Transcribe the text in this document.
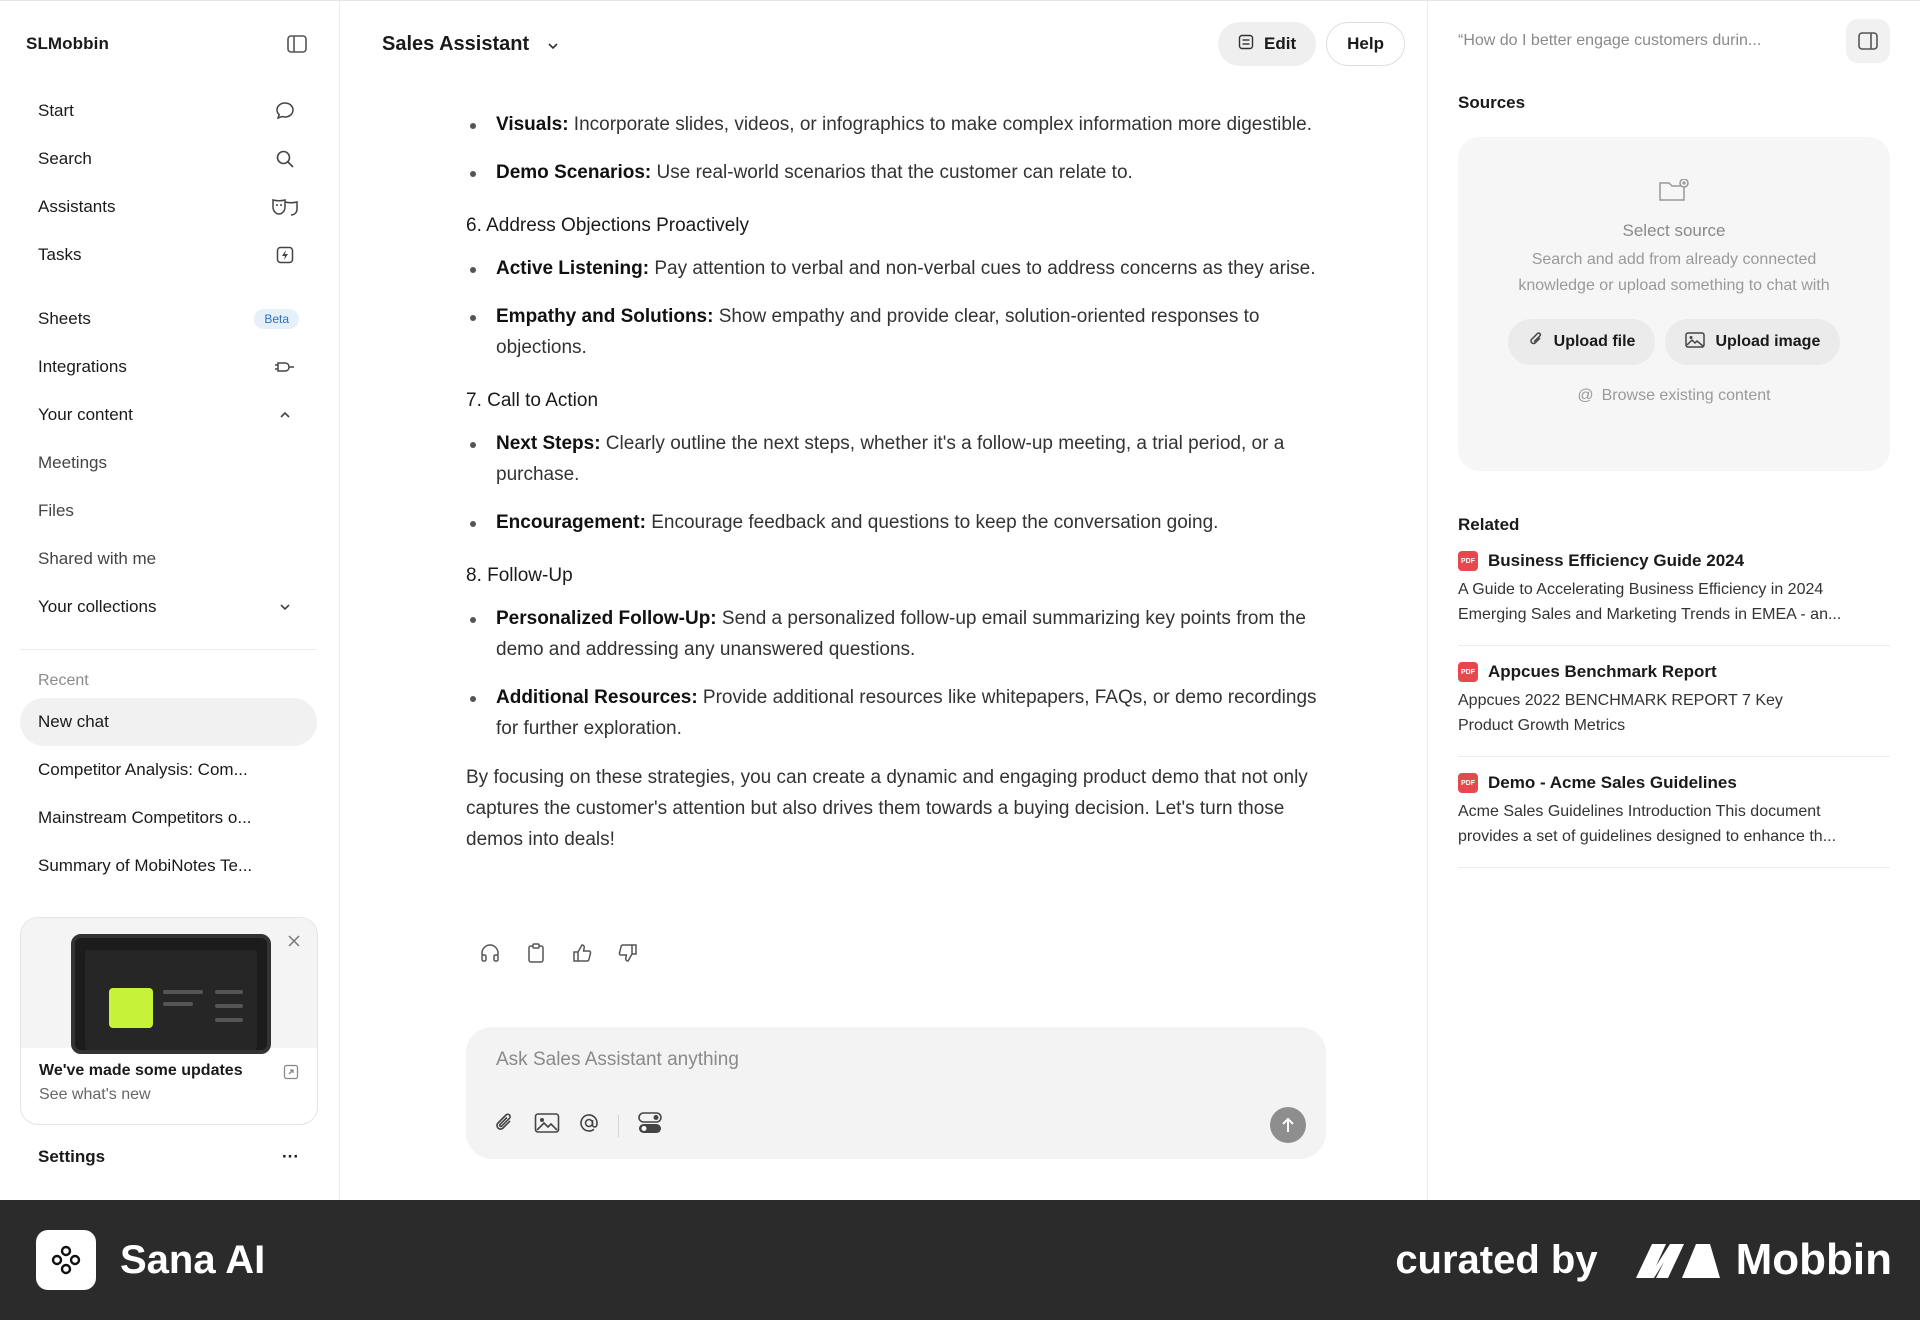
SLMobbin
Start
Search
Assistants
Tasks
Sheets	Beta
Integrations
Your content
Meetings
Files
Shared with me
Your collections
Recent
New chat
Competitor Analysis: Com...
Mainstream Competitors o...
Summary of MobiNotes Te...
We've made some updates
See what's new
Settings	···
Sales Assistant	Edit	Help
Visuals: Incorporate slides, videos, or infographics to make complex information more digestible.
Demo Scenarios: Use real-world scenarios that the customer can relate to.
6. Address Objections Proactively
Active Listening: Pay attention to verbal and non-verbal cues to address concerns as they arise.
Empathy and Solutions: Show empathy and provide clear, solution-oriented responses to objections.
7. Call to Action
Next Steps: Clearly outline the next steps, whether it's a follow-up meeting, a trial period, or a purchase.
Encouragement: Encourage feedback and questions to keep the conversation going.
8. Follow-Up
Personalized Follow-Up: Send a personalized follow-up email summarizing key points from the demo and addressing any unanswered questions.
Additional Resources: Provide additional resources like whitepapers, FAQs, or demo recordings for further exploration.

By focusing on these strategies, you can create a dynamic and engaging product demo that not only captures the customer's attention but also drives them towards a buying decision. Let's turn those demos into deals!

Ask Sales Assistant anything
“How do I better engage customers durin...
Sources
Select source
Search and add from already connected knowledge or upload something to chat with
Upload file	Upload image
@ Browse existing content
Related
PDF Business Efficiency Guide 2024
A Guide to Accelerating Business Efficiency in 2024
Emerging Sales and Marketing Trends in EMEA - an...
PDF Appcues Benchmark Report
Appcues 2022 BENCHMARK REPORT 7 Key
Product Growth Metrics
PDF Demo - Acme Sales Guidelines
Acme Sales Guidelines Introduction This document
provides a set of guidelines designed to enhance th...
Sana AI	curated by	Mobbin
